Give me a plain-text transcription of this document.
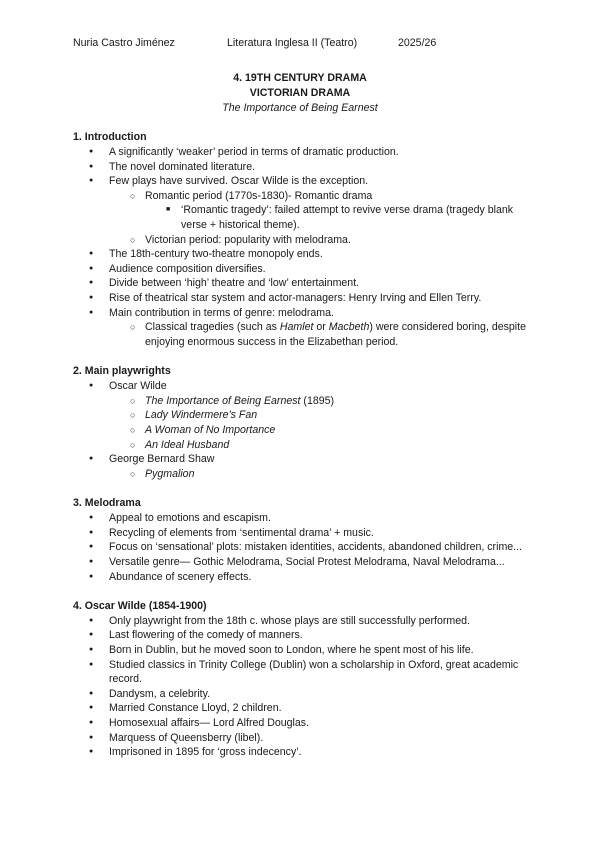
Nuria Castro Jiménez	Literatura Inglesa II (Teatro)	2025/26
4. 19TH CENTURY DRAMA
VICTORIAN DRAMA
The Importance of Being Earnest
1. Introduction
● A significantly ‘weaker’ period in terms of dramatic production.
● The novel dominated literature.
● Few plays have survived. Oscar Wilde is the exception.
○ Romantic period (1770s-1830)- Romantic drama
■ ‘Romantic tragedy’: failed attempt to revive verse drama (tragedy blank verse + historical theme).
○ Victorian period: popularity with melodrama.
● The 18th-century two-theatre monopoly ends.
● Audience composition diversifies.
● Divide between ‘high’ theatre and ‘low’ entertainment.
● Rise of theatrical star system and actor-managers: Henry Irving and Ellen Terry.
● Main contribution in terms of genre: melodrama.
○ Classical tragedies (such as Hamlet or Macbeth) were considered boring, despite enjoying enormous success in the Elizabethan period.
2. Main playwrights
● Oscar Wilde
○ The Importance of Being Earnest (1895)
○ Lady Windermere’s Fan
○ A Woman of No Importance
○ An Ideal Husband
● George Bernard Shaw
○ Pygmalion
3. Melodrama
● Appeal to emotions and escapism.
● Recycling of elements from ‘sentimental drama’ + music.
● Focus on ‘sensational’ plots: mistaken identities, accidents, abandoned children, crime...
● Versatile genre— Gothic Melodrama, Social Protest Melodrama, Naval Melodrama...
● Abundance of scenery effects.
4. Oscar Wilde (1854-1900)
● Only playwright from the 18th c. whose plays are still successfully performed.
● Last flowering of the comedy of manners.
● Born in Dublin, but he moved soon to London, where he spent most of his life.
● Studied classics in Trinity College (Dublin) won a scholarship in Oxford, great academic record.
● Dandysm, a celebrity.
● Married Constance Lloyd, 2 children.
● Homosexual affairs— Lord Alfred Douglas.
● Marquess of Queensberry (libel).
● Imprisoned in 1895 for ‘gross indecency’.
